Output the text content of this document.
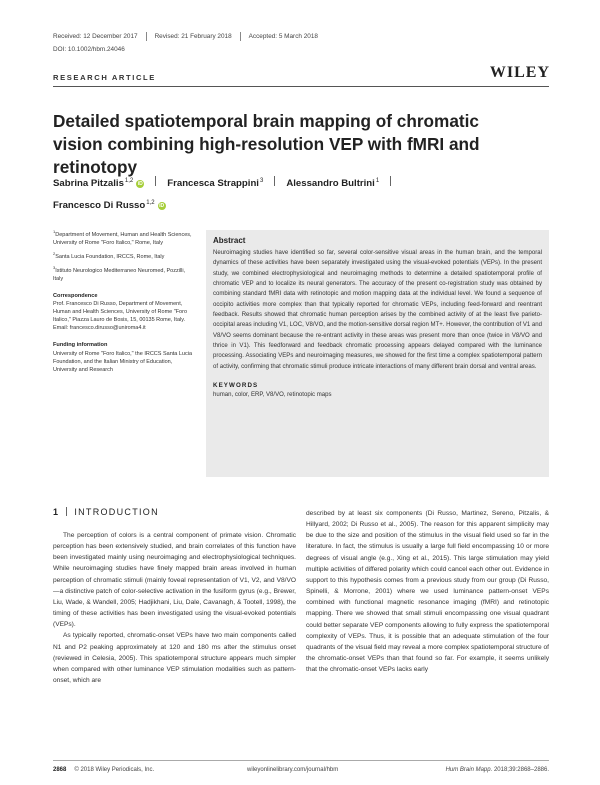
Received: 12 December 2017	Revised: 21 February 2018	Accepted: 5 March 2018
DOI: 10.1002/hbm.24046
RESEARCH ARTICLE	WILEY
Detailed spatiotemporal brain mapping of chromatic vision combining high-resolution VEP with fMRI and retinotopy
Sabrina Pitzalis$^{1,2}$ iD	Francesca Strappini$^3$ Alessandro Bultrini$^1$

Francesco Di Russo$^{1,2}$ iD
$^1$Department of Movement, Human and Health Sciences, University of Rome "Foro Italico," Rome, Italy
$^2$Santa Lucia Foundation, IRCCS, Rome, Italy
$^3$Istituto Neurologico Mediterraneo Neuromed, Pozzilli, Italy
Correspondence
Prof. Francesco Di Russo, Department of Movement, Human and Health Sciences, University of Rome "Foro Italico," Piazza Lauro de Bosis, 15, 00135 Rome, Italy. Email: francesco.dirusso@uniroma4.it
Funding information
University of Rome "Foro Italico," the IRCCS Santa Lucia Foundation, and the Italian Ministry of Education, University and Research
Abstract

Neuroimaging studies have identified so far, several color-sensitive visual areas in the human brain, and the temporal dynamics of these activities have been separately investigated using the visual-evoked potentials (VEPs). In the present study, we combined electrophysiological and neuroimaging methods to determine a detailed spatiotemporal profile of chromatic VEP and to localize its neural generators. The accuracy of the present co-registration study was obtained by combining standard fMRI data with retinotopic and motion mapping data at the individual level. We found a sequence of occipito activities more complex than that typically reported for chromatic VEPs, including feed-forward and reentrant feedback. Results showed that chromatic human perception arises by the combined activity of at the least five parieto-occipital areas including V1, LOC, V8/VO, and the motion-sensitive dorsal region MT+. However, the contribution of V1 and V8/VO seems dominant because the re-entrant activity in these areas was present more than once (twice in V8/VO and thrice in V1). This feedforward and feedback chromatic processing appears delayed compared with the luminance processing. Associating VEPs and neuroimaging measures, we showed for the first time a complex spatiotemporal pattern of activity, confirming that chromatic stimuli produce intricate interactions of many different brain dorsal and ventral areas.

KEYWORDS
human, color, ERP, V8/VO, retinotopic maps
1 INTRODUCTION

The perception of colors is a central component of primate vision. Chromatic perception has been extensively studied, and brain correlates of this function have been investigated mainly using neuroimaging and electrophysiological techniques. While neuroimaging studies have finely mapped brain areas involved in human perception of chromatic stimuli (mainly foveal representation of V1, V2, and V8/VO—a distinctive patch of color-selective activation in the fusiform gyrus (e.g., Brewer, Liu, Wade, & Wandell, 2005; Hadjikhani, Liu, Dale, Cavanagh, & Tootell, 1998), the timing of these activities has been investigated using the visual-evoked potentials (VEPs).

As typically reported, chromatic-onset VEPs have two main components called N1 and P2 peaking approximately at 120 and 180 ms after the stimulus onset (reviewed in Celesia, 2005). This spatiotemporal structure appears much simpler when compared with other luminance VEP stimulation modalities such as pattern-onset, which are

described by at least six components (Di Russo, Martinez, Sereno, Pitzalis, & Hillyard, 2002; Di Russo et al., 2005). The reason for this apparent simplicity may be due to the size and position of the stimulus in the visual field used so far in the literature. In fact, the stimulus is usually a large full field encompassing 10 or more degrees of visual angle (e.g., Xing et al., 2015). This large stimulation may yield multiple activities of differed polarity which could cancel each other out. Evidence in support to this hypothesis comes from a previous study from our group (Di Russo, Spinelli, & Morrone, 2001) where we used luminance pattern-onset VEPs combined with functional magnetic resonance imaging (fMRI) and retinotopic mapping. There we showed that small stimuli encompassing one visual quadrant could better separate VEP components allowing to fully express the spatiotemporal complexity of VEPs. Thus, it is possible that an adequate stimulation of the four quadrants of the visual field may reveal a more complex spatiotemporal structure of the chromatic-onset VEPs than that found so far. For example, it seems unlikely that the chromatic-onset VEPs lacks early

2868 © 2018 Wiley Periodicals, Inc.	wileyonlinelibrary.com/journal/hbm	Hum Brain Mapp. 2018;39:2868–2886.
